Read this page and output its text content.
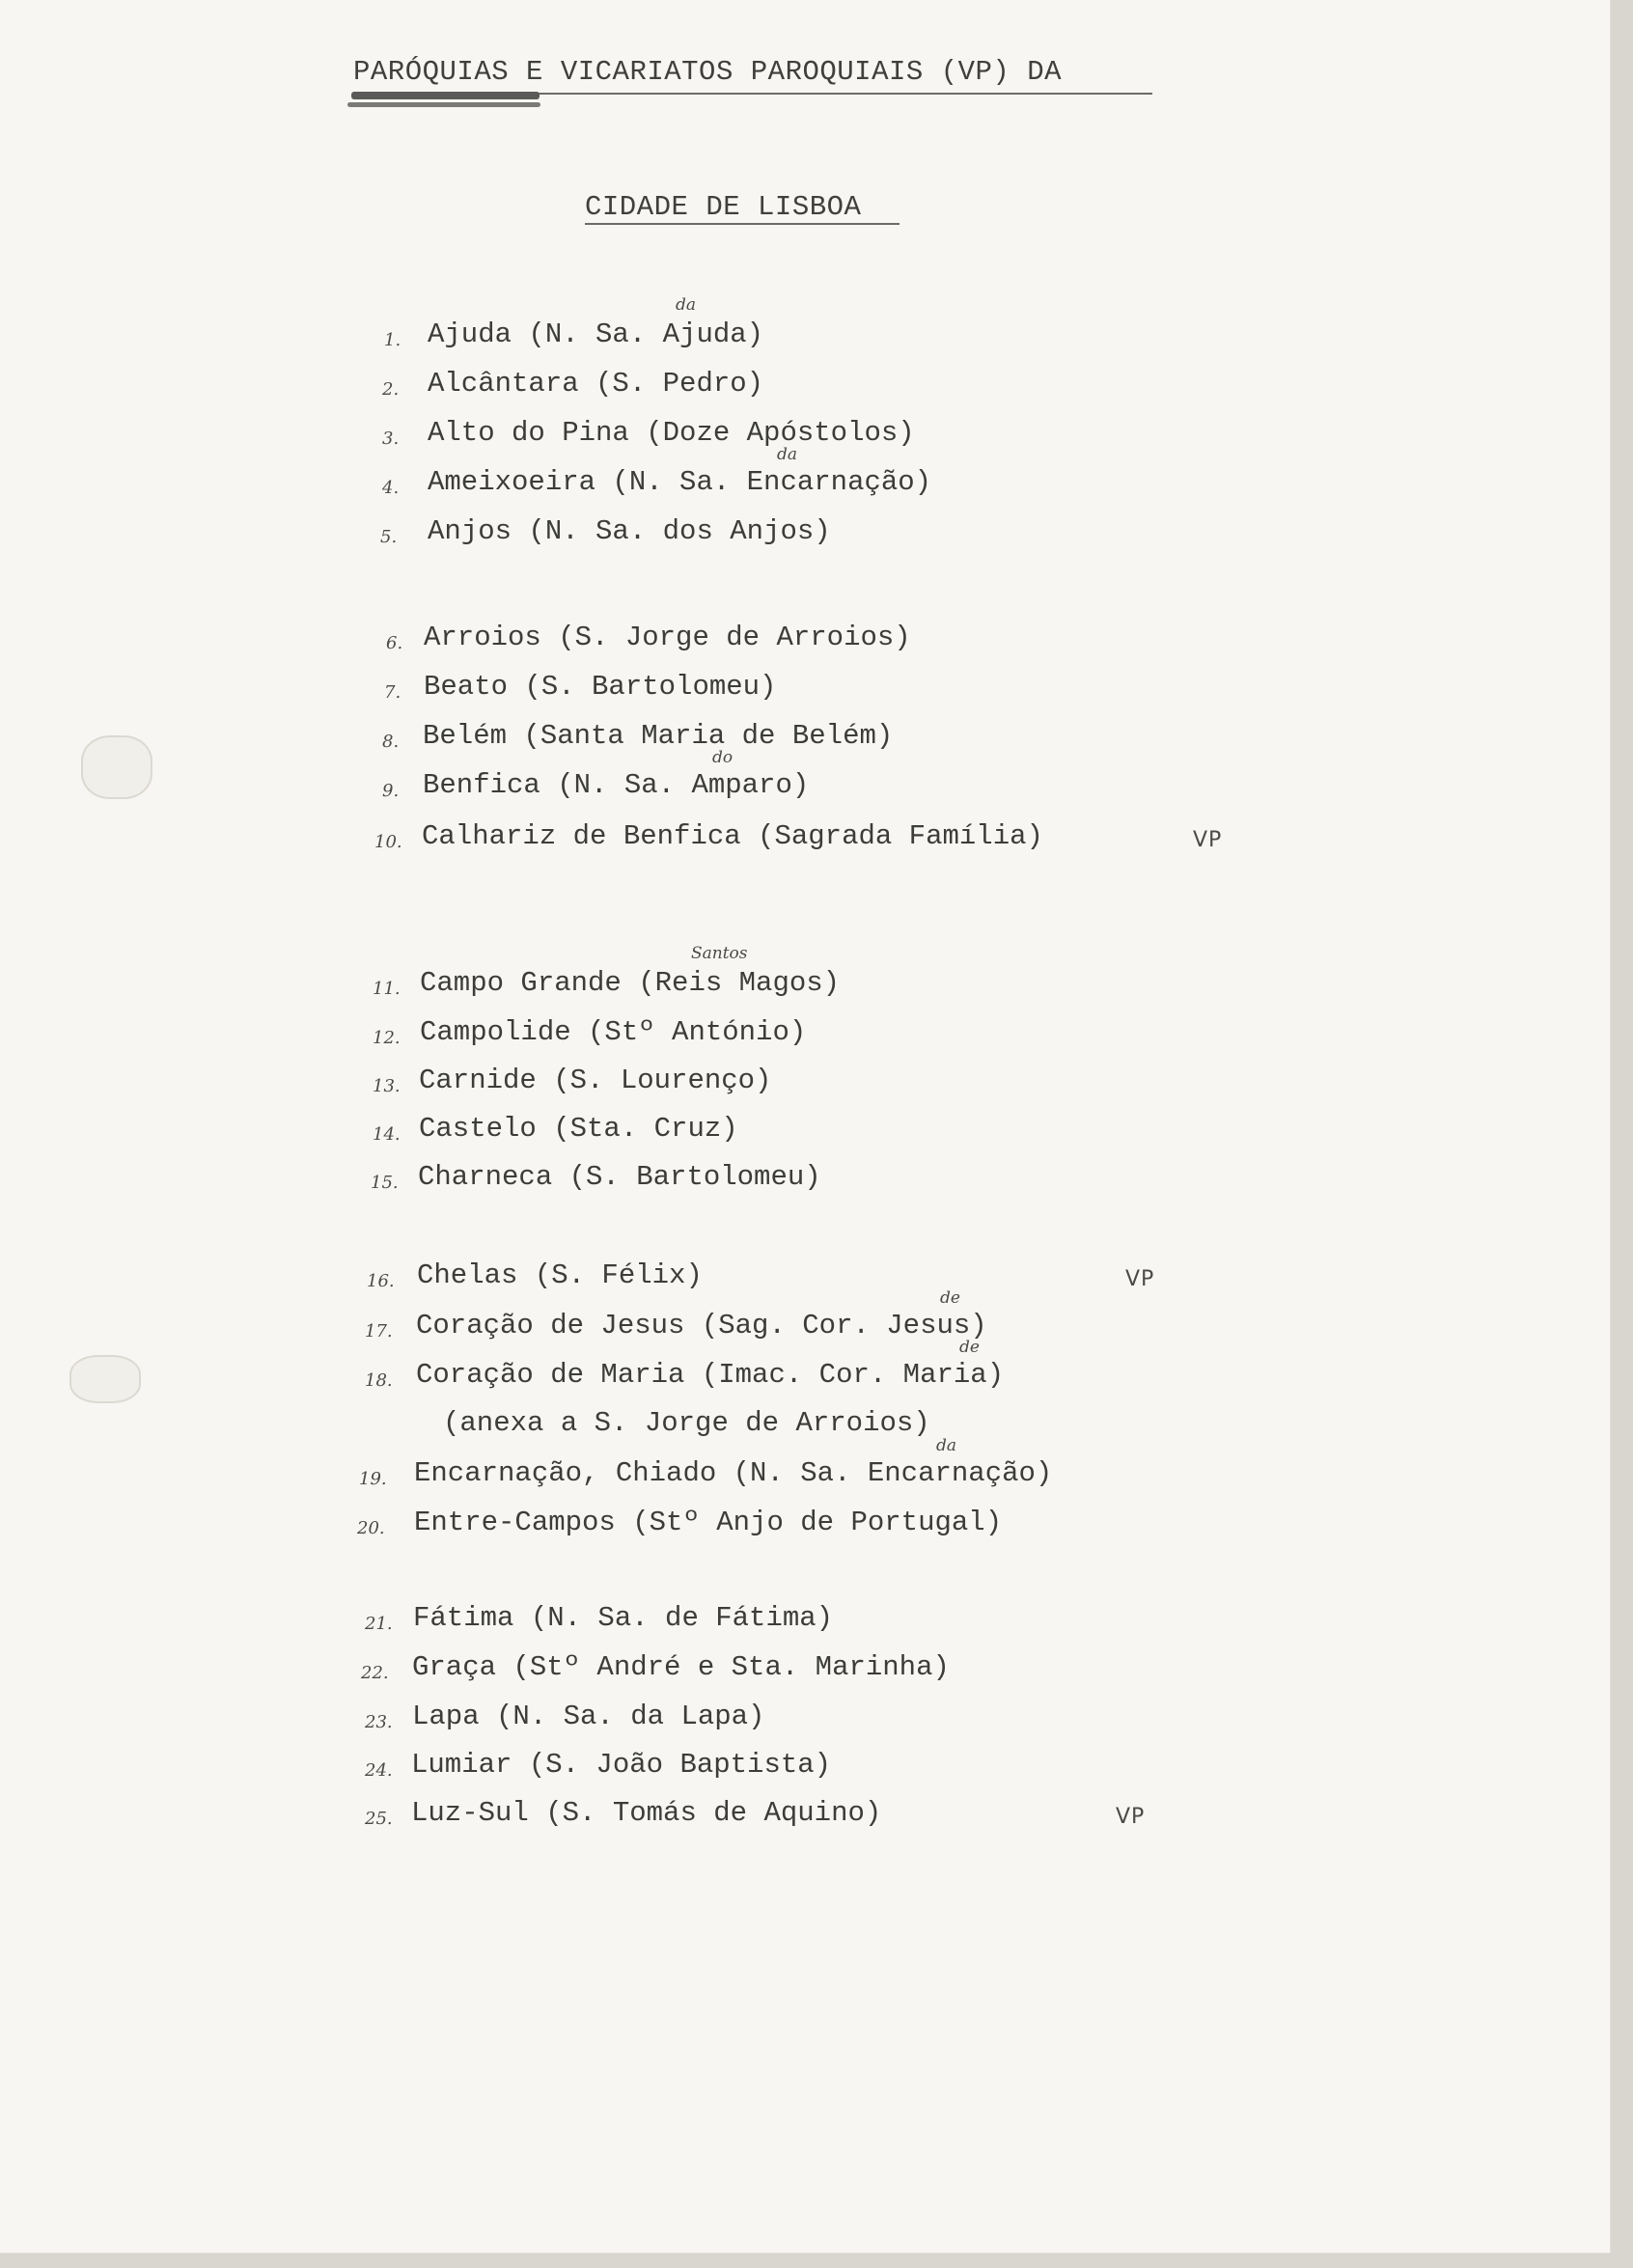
PARÓQUIAS E VICARIATOS PAROQUIAIS (VP) DA
CIDADE DE LISBOA
1. Ajuda (N. Sa. Ajuda)
da
2. Alcântara (S. Pedro)
3. Alto do Pina (Doze Apóstolos)
4. Ameixoeira (N. Sa. Encarnação)
da
5. Anjos (N. Sa. dos Anjos)
6. Arroios (S. Jorge de Arroios)
7. Beato (S. Bartolomeu)
8. Belém (Santa Maria de Belém)
9. Benfica (N. Sa. Amparo)
do
10. Calhariz de Benfica (Sagrada Família)	VP
11. Campo Grande (Reis Magos)
Santos
12. Campolide (Stº António)
13. Carnide (S. Lourenço)
14. Castelo (Sta. Cruz)
15. Charneca (S. Bartolomeu)
16. Chelas (S. Félix)	VP
17. Coração de Jesus (Sag. Cor. Jesus)
de
18. Coração de Maria (Imac. Cor. Maria)
de
(anexa a S. Jorge de Arroios)
19. Encarnação, Chiado (N. Sa. Encarnação)
da
20. Entre-Campos (Stº Anjo de Portugal)
21. Fátima (N. Sa. de Fátima)
22. Graça (Stº André e Sta. Marinha)
23. Lapa (N. Sa. da Lapa)
24. Lumiar (S. João Baptista)
25. Luz-Sul (S. Tomás de Aquino)	VP
